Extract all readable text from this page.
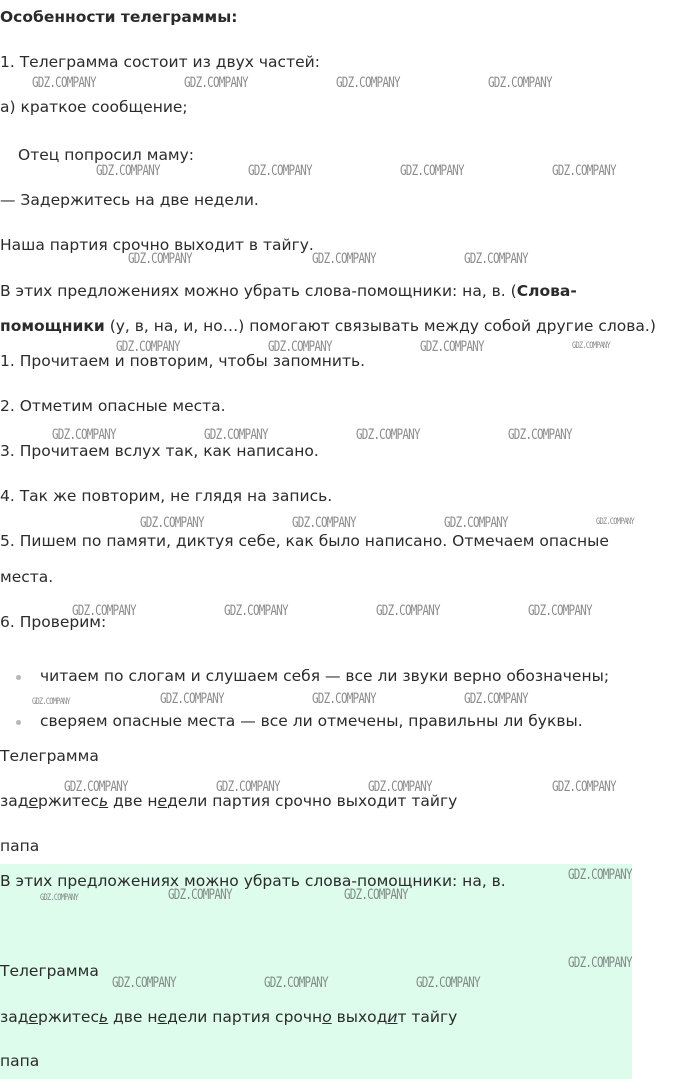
Особенности телеграммы:
1. Телеграмма состоит из двух частей:
а) краткое сообщение;
Отец попросил маму:
— Задержитесь на две недели.
Наша партия срочно выходит в тайгу.
В этих предложениях можно убрать слова-помощники: на, в. (Слова-
помощники (у, в, на, и, но…) помогают связывать между собой другие слова.)
1. Прочитаем и повторим, чтобы запомнить.
2. Отметим опасные места.
3. Прочитаем вслух так, как написано.
4. Так же повторим, не глядя на запись.
5. Пишем по памяти, диктуя себе, как было написано. Отмечаем опасные
места.
6. Проверим:
читаем по слогам и слушаем себя — все ли звуки верно обозначены;
сверяем опасные места — все ли отмечены, правильны ли буквы.
Телеграмма
задержитесь две недели партия срочно выходит тайгу
папа
В этих предложениях можно убрать слова-помощники: на, в.
Телеграмма
задержитесь две недели партия срочно выходит тайгу
папа
GDZ.COMPANY	GDZ.COMPANY	GDZ.COMPANY	GDZ.COMPANY
GDZ.COMPANY	GDZ.COMPANY	GDZ.COMPANY	GDZ.COMPANY
GDZ.COMPANY	GDZ.COMPANY	GDZ.COMPANY
GDZ.COMPANY	GDZ.COMPANY	GDZ.COMPANY	GDZ.COMPANY
GDZ.COMPANY	GDZ.COMPANY	GDZ.COMPANY	GDZ.COMPANY
GDZ.COMPANY	GDZ.COMPANY	GDZ.COMPANY	GDZ.COMPANY
GDZ.COMPANY	GDZ.COMPANY	GDZ.COMPANY	GDZ.COMPANY
GDZ.COMPANY	GDZ.COMPANY	GDZ.COMPANY	GDZ.COMPANY
GDZ.COMPANY	GDZ.COMPANY	GDZ.COMPANY	GDZ.COMPANY
GDZ.COMPANY
GDZ.COMPANY	GDZ.COMPANY	GDZ.COMPANY
GDZ.COMPANY
GDZ.COMPANY	GDZ.COMPANY	GDZ.COMPANY
